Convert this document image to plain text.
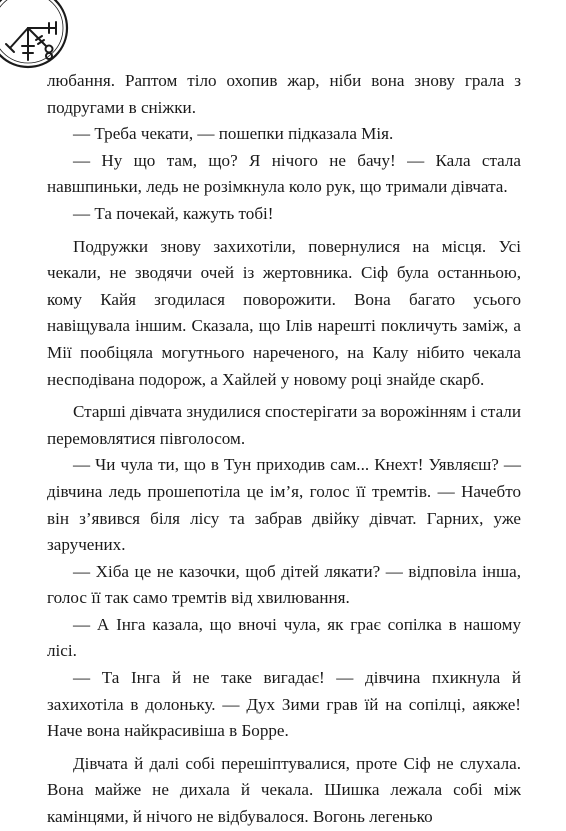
любання. Раптом тіло охопив жар, ніби вона знову грала з подругами в сніжки.

— Треба чекати, — пошепки підказала Мія.

— Ну що там, що? Я нічого не бачу! — Кала стала навшпиньки, ледь не розімкнула коло рук, що тримали дівчата.

— Та почекай, кажуть тобі!

Подружки знову захихотіли, повернулися на місця. Усі чекали, не зводячи очей із жертовника. Сіф була останньою, кому Кайя згодилася поворожити. Вона багато усього навіщувала іншим. Сказала, що Ілів нарешті покличуть заміж, а Мії пообіцяла могутнього нареченого, на Калу нібито чекала несподівана подорож, а Хайлей у новому році знайде скарб.

Старші дівчата знудилися спостерігати за ворожінням і стали перемовлятися півголосом.

— Чи чула ти, що в Тун приходив сам... Кнехт! Уявляєш? — дівчина ледь прошепотіла це ім’я, голос її тремтів. — Начебто він з’явився біля лісу та забрав двійку дівчат. Гарних, уже заручених.

— Хіба це не казочки, щоб дітей лякати? — відповіла інша, голос її так само тремтів від хвилювання.

— А Інга казала, що вночі чула, як грає сопілка в нашому лісі.

— Та Інга й не таке вигадає! — дівчина пхикнула й захихотіла в долоньку. — Дух Зими грав їй на сопілці, аякже! Наче вона найкрасивіша в Борре.

Дівчата й далі собі перешіптувалися, проте Сіф не слухала. Вона майже не дихала й чекала. Шишка лежала собі між камінцями, й нічого не відбувалося. Вогонь легенько
